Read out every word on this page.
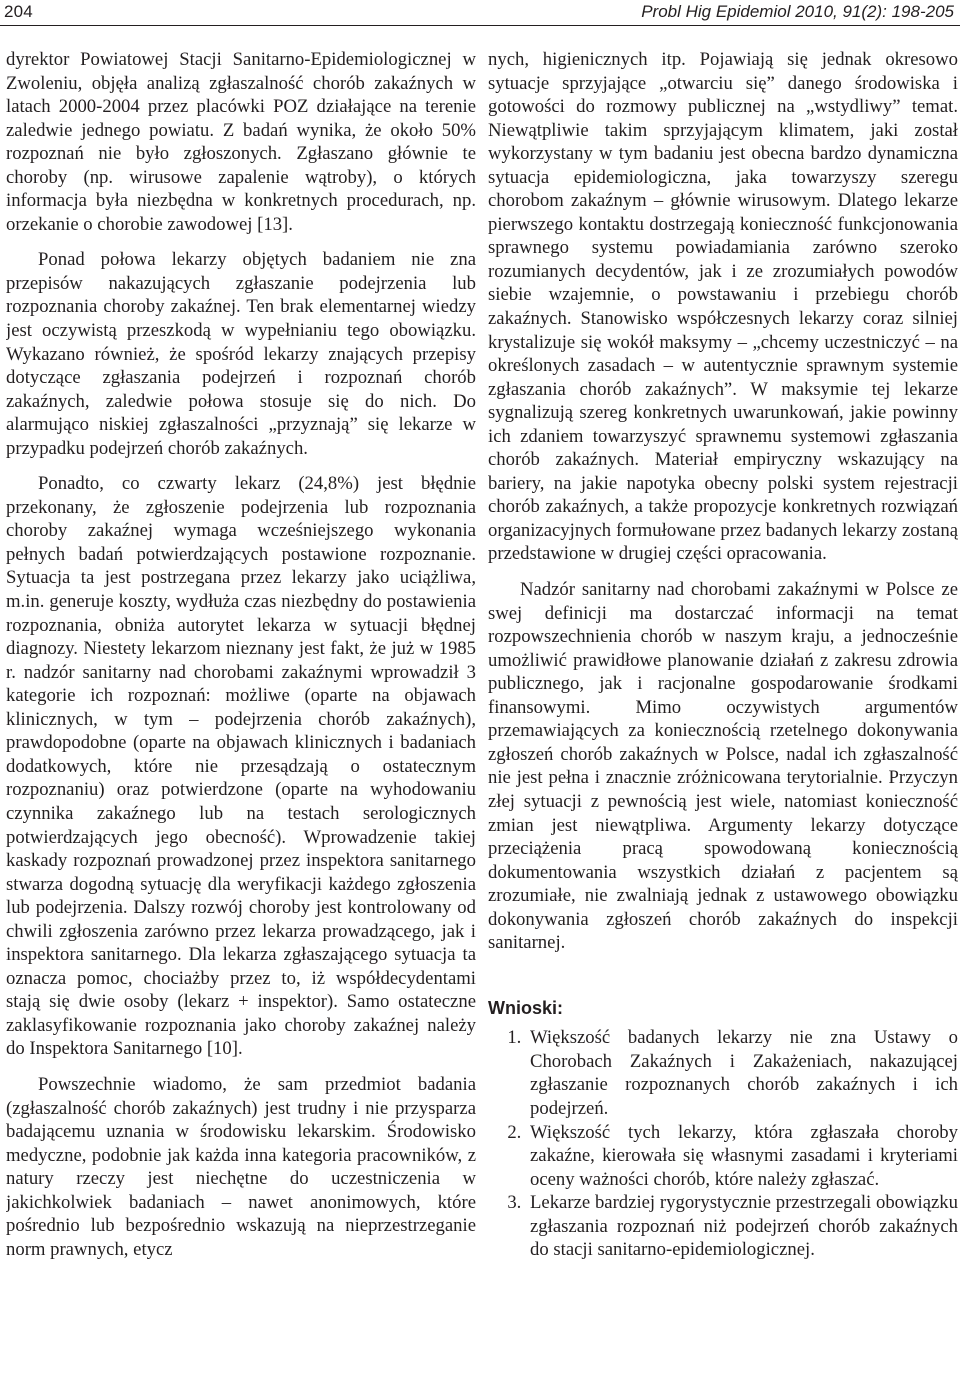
204	Probl Hig Epidemiol 2010, 91(2): 198-205

dyrektor Powiatowej Stacji Sanitarno-Epidemiologicznej w Zwoleniu, objęła analizą zgłaszalność chorób zakaźnych w latach 2000-2004 przez placówki POZ działające na terenie zaledwie jednego powiatu. Z badań wynika, że około 50% rozpoznań nie było zgłoszonych. Zgłaszano głównie te choroby (np. wirusowe zapalenie wątroby), o których informacja była niezbędna w konkretnych procedurach, np. orzekanie o chorobie zawodowej [13].

Ponad połowa lekarzy objętych badaniem nie zna przepisów nakazujących zgłaszanie podejrzenia lub rozpoznania choroby zakaźnej. Ten brak elementarnej wiedzy jest oczywistą przeszkodą w wypełnianiu tego obowiązku. Wykazano również, że spośród lekarzy znających przepisy dotyczące zgłaszania podejrzeń i rozpoznań chorób zakaźnych, zaledwie połowa stosuje się do nich. Do alarmująco niskiej zgłaszalności „przyznają” się lekarze w przypadku podejrzeń chorób zakaźnych.

Ponadto, co czwarty lekarz (24,8%) jest błędnie przekonany, że zgłoszenie podejrzenia lub rozpoznania choroby zakaźnej wymaga wcześniejszego wykonania pełnych badań potwierdzających postawione rozpoznanie. Sytuacja ta jest postrzegana przez lekarzy jako uciążliwa, m.in. generuje koszty, wydłuża czas niezbędny do postawienia rozpoznania, obniża autorytet lekarza w sytuacji błędnej diagnozy. Niestety lekarzom nieznany jest fakt, że już w 1985 r. nadzór sanitarny nad chorobami zakaźnymi wprowadził 3 kategorie ich rozpoznań: możliwe (oparte na objawach klinicznych, w tym – podejrzenia chorób zakaźnych), prawdopodobne (oparte na objawach klinicznych i badaniach dodatkowych, które nie przesądzają o ostatecznym rozpoznaniu) oraz potwierdzone (oparte na wyhodowaniu czynnika zakaźnego lub na testach serologicznych potwierdzających jego obecność). Wprowadzenie takiej kaskady rozpoznań prowadzonej przez inspektora sanitarnego stwarza dogodną sytuację dla weryfikacji każdego zgłoszenia lub podejrzenia. Dalszy rozwój choroby jest kontrolowany od chwili zgłoszenia zarówno przez lekarza prowadzącego, jak i inspektora sanitarnego. Dla lekarza zgłaszającego sytuacja ta oznacza pomoc, chociażby przez to, iż współdecydentami stają się dwie osoby (lekarz + inspektor). Samo ostateczne zaklasyfikowanie rozpoznania jako choroby zakaźnej należy do Inspektora Sanitarnego [10].

Powszechnie wiadomo, że sam przedmiot badania (zgłaszalność chorób zakaźnych) jest trudny i nie przysparza badającemu uznania w środowisku lekarskim. Środowisko medyczne, podobnie jak każda inna kategoria pracowników, z natury rzeczy jest niechętne do uczestniczenia w jakichkolwiek badaniach – nawet anonimowych, które pośrednio lub bezpośrednio wskazują na nieprzestrzeganie norm prawnych, etycz

nych, higienicznych itp. Pojawiają się jednak okresowo sytuacje sprzyjające „otwarciu się” danego środowiska i gotowości do rozmowy publicznej na „wstydliwy” temat. Niewątpliwie takim sprzyjającym klimatem, jaki został wykorzystany w tym badaniu jest obecna bardzo dynamiczna sytuacja epidemiologiczna, jaka towarzyszy szeregu chorobom zakaźnym – głównie wirusowym. Dlatego lekarze pierwszego kontaktu dostrzegają konieczność funkcjonowania sprawnego systemu powiadamiania zarówno szeroko rozumianych decydentów, jak i ze zrozumiałych powodów siebie wzajemnie, o powstawaniu i przebiegu chorób zakaźnych. Stanowisko współczesnych lekarzy coraz silniej krystalizuje się wokół maksymy – „chcemy uczestniczyć – na określonych zasadach – w autentycznie sprawnym systemie zgłaszania chorób zakaźnych”. W maksymie tej lekarze sygnalizują szereg konkretnych uwarunkowań, jakie powinny ich zdaniem towarzyszyć sprawnemu systemowi zgłaszania chorób zakaźnych. Materiał empiryczny wskazujący na bariery, na jakie napotyka obecny polski system rejestracji chorób zakaźnych, a także propozycje konkretnych rozwiązań organizacyjnych formułowane przez badanych lekarzy zostaną przedstawione w drugiej części opracowania.

Nadzór sanitarny nad chorobami zakaźnymi w Polsce ze swej definicji ma dostarczać informacji na temat rozpowszechnienia chorób w naszym kraju, a jednocześnie umożliwić prawidłowe planowanie działań z zakresu zdrowia publicznego, jak i racjonalne gospodarowanie środkami finansowymi. Mimo oczywistych argumentów przemawiających za koniecznością rzetelnego dokonywania zgłoszeń chorób zakaźnych w Polsce, nadal ich zgłaszalność nie jest pełna i znacznie zróżnicowana terytorialnie. Przyczyn złej sytuacji z pewnością jest wiele, natomiast konieczność zmian jest niewątpliwa. Argumenty lekarzy dotyczące przeciążenia pracą spowodowaną koniecznością dokumentowania wszystkich działań z pacjentem są zrozumiałe, nie zwalniają jednak z ustawowego obowiązku dokonywania zgłoszeń chorób zakaźnych do inspekcji sanitarnej.

Wnioski:
1. Większość badanych lekarzy nie zna Ustawy o Chorobach Zakaźnych i Zakażeniach, nakazującej zgłaszanie rozpoznanych chorób zakaźnych i ich podejrzeń.
2. Większość tych lekarzy, która zgłaszała choroby zakaźne, kierowała się własnymi zasadami i kryteriami oceny ważności chorób, które należy zgłaszać.
3. Lekarze bardziej rygorystycznie przestrzegali obowiązku zgłaszania rozpoznań niż podejrzeń chorób zakaźnych do stacji sanitarno-epidemiologicznej.
